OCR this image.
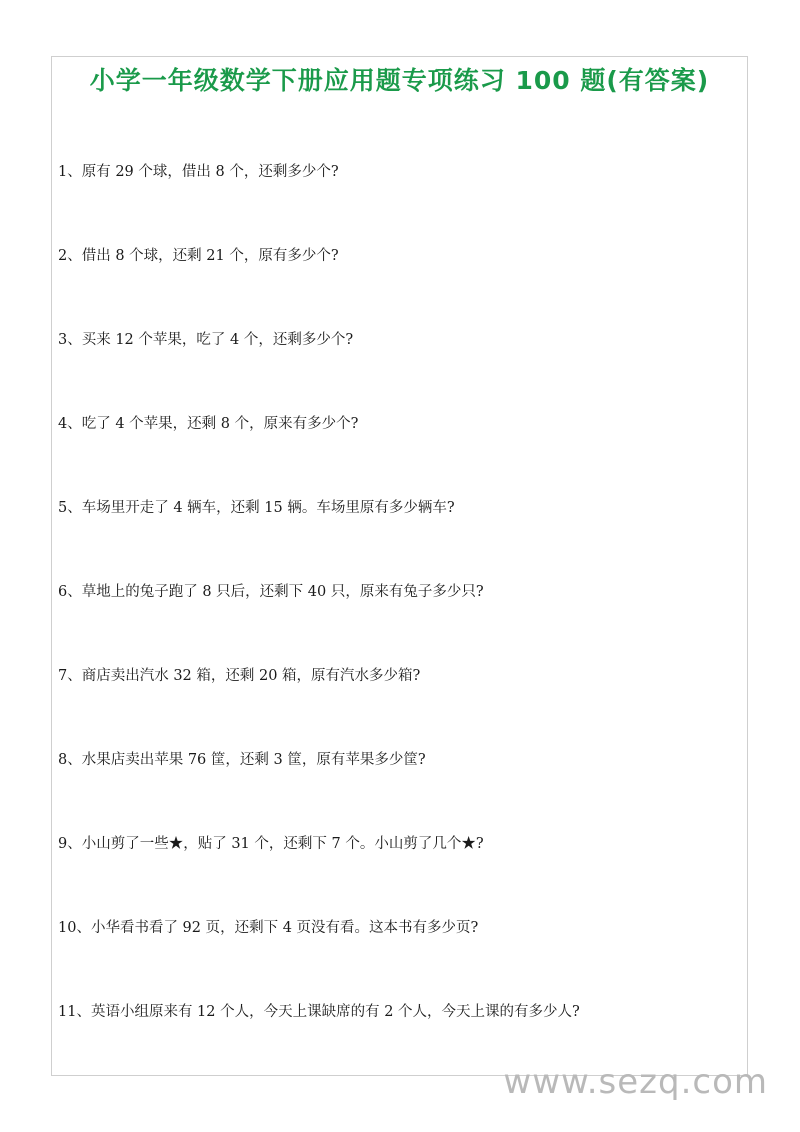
小学一年级数学下册应用题专项练习 100 题(有答案)
1、原有 29 个球，借出 8 个，还剩多少个?
2、借出 8 个球，还剩 21 个，原有多少个?
3、买来 12 个苹果，吃了 4 个，还剩多少个?
4、吃了 4 个苹果，还剩 8 个，原来有多少个?
5、车场里开走了 4 辆车，还剩 15 辆。车场里原有多少辆车?
6、草地上的兔子跑了 8 只后，还剩下 40 只，原来有兔子多少只?
7、商店卖出汽水 32 箱，还剩 20 箱，原有汽水多少箱?
8、水果店卖出苹果 76 筐，还剩 3 筐，原有苹果多少筐?
9、小山剪了一些★，贴了 31 个，还剩下 7 个。小山剪了几个★?
10、小华看书看了 92 页，还剩下 4 页没有看。这本书有多少页?
11、英语小组原来有 12 个人，今天上课缺席的有 2 个人，今天上课的有多少人?
www.sezq.com
